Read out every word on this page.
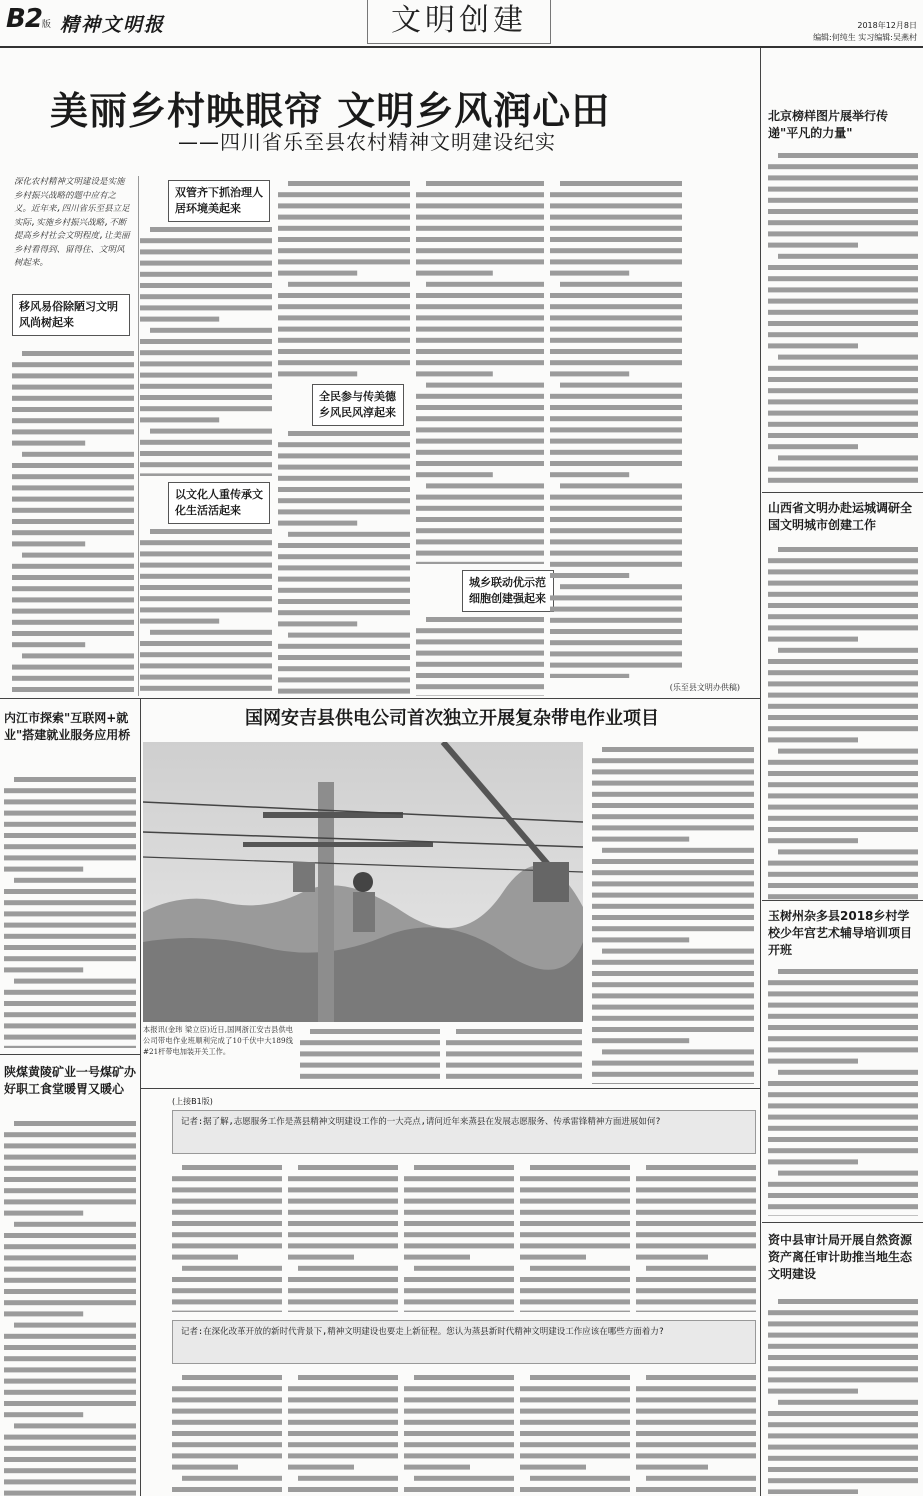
B2版 精神文明报	文明创建	2018年12月8日
编辑:何纯生 实习编辑:吴燕村
美丽乡村映眼帘 文明乡风润心田
——四川省乐至县农村精神文明建设纪实
深化农村精神文明建设是实施乡村振兴战略的题中应有之义。近年来,四川省乐至县立足实际,实施乡村振兴战略,不断提高乡村社会文明程度,让美丽乡村看得到、留得住、文明风树起来。
移风易俗除陋习文明风尚树起来
双管齐下抓治理人居环境美起来
以文化人重传承文化生活活起来
全民参与传美德乡风民风淳起来
城乡联动优示范细胞创建强起来
(乐至县文明办供稿)
内江市探索"互联网+就业"搭建就业服务应用桥
陕煤黄陵矿业一号煤矿办好职工食堂暖胃又暖心
国网安吉县供电公司首次独立开展复杂带电作业项目
本报讯(金玮 梁立臣)近日,国网浙江安吉县供电公司带电作业班顺利完成了10千伏中大189线#21杆带电加装开关工作。
(上接B1版)
记者:据了解,志愿服务工作是蒸县精神文明建设工作的一大亮点,请问近年来蒸县在发展志愿服务、传承雷锋精神方面进展如何?
记者:在深化改革开放的新时代背景下,精神文明建设也要走上新征程。您认为蒸县新时代精神文明建设工作应该在哪些方面着力?
北京榜样图片展举行传递"平凡的力量"
山西省文明办赴运城调研全国文明城市创建工作
玉树州杂多县2018乡村学校少年宫艺术辅导培训项目开班
资中县审计局开展自然资源资产离任审计助推当地生态文明建设
